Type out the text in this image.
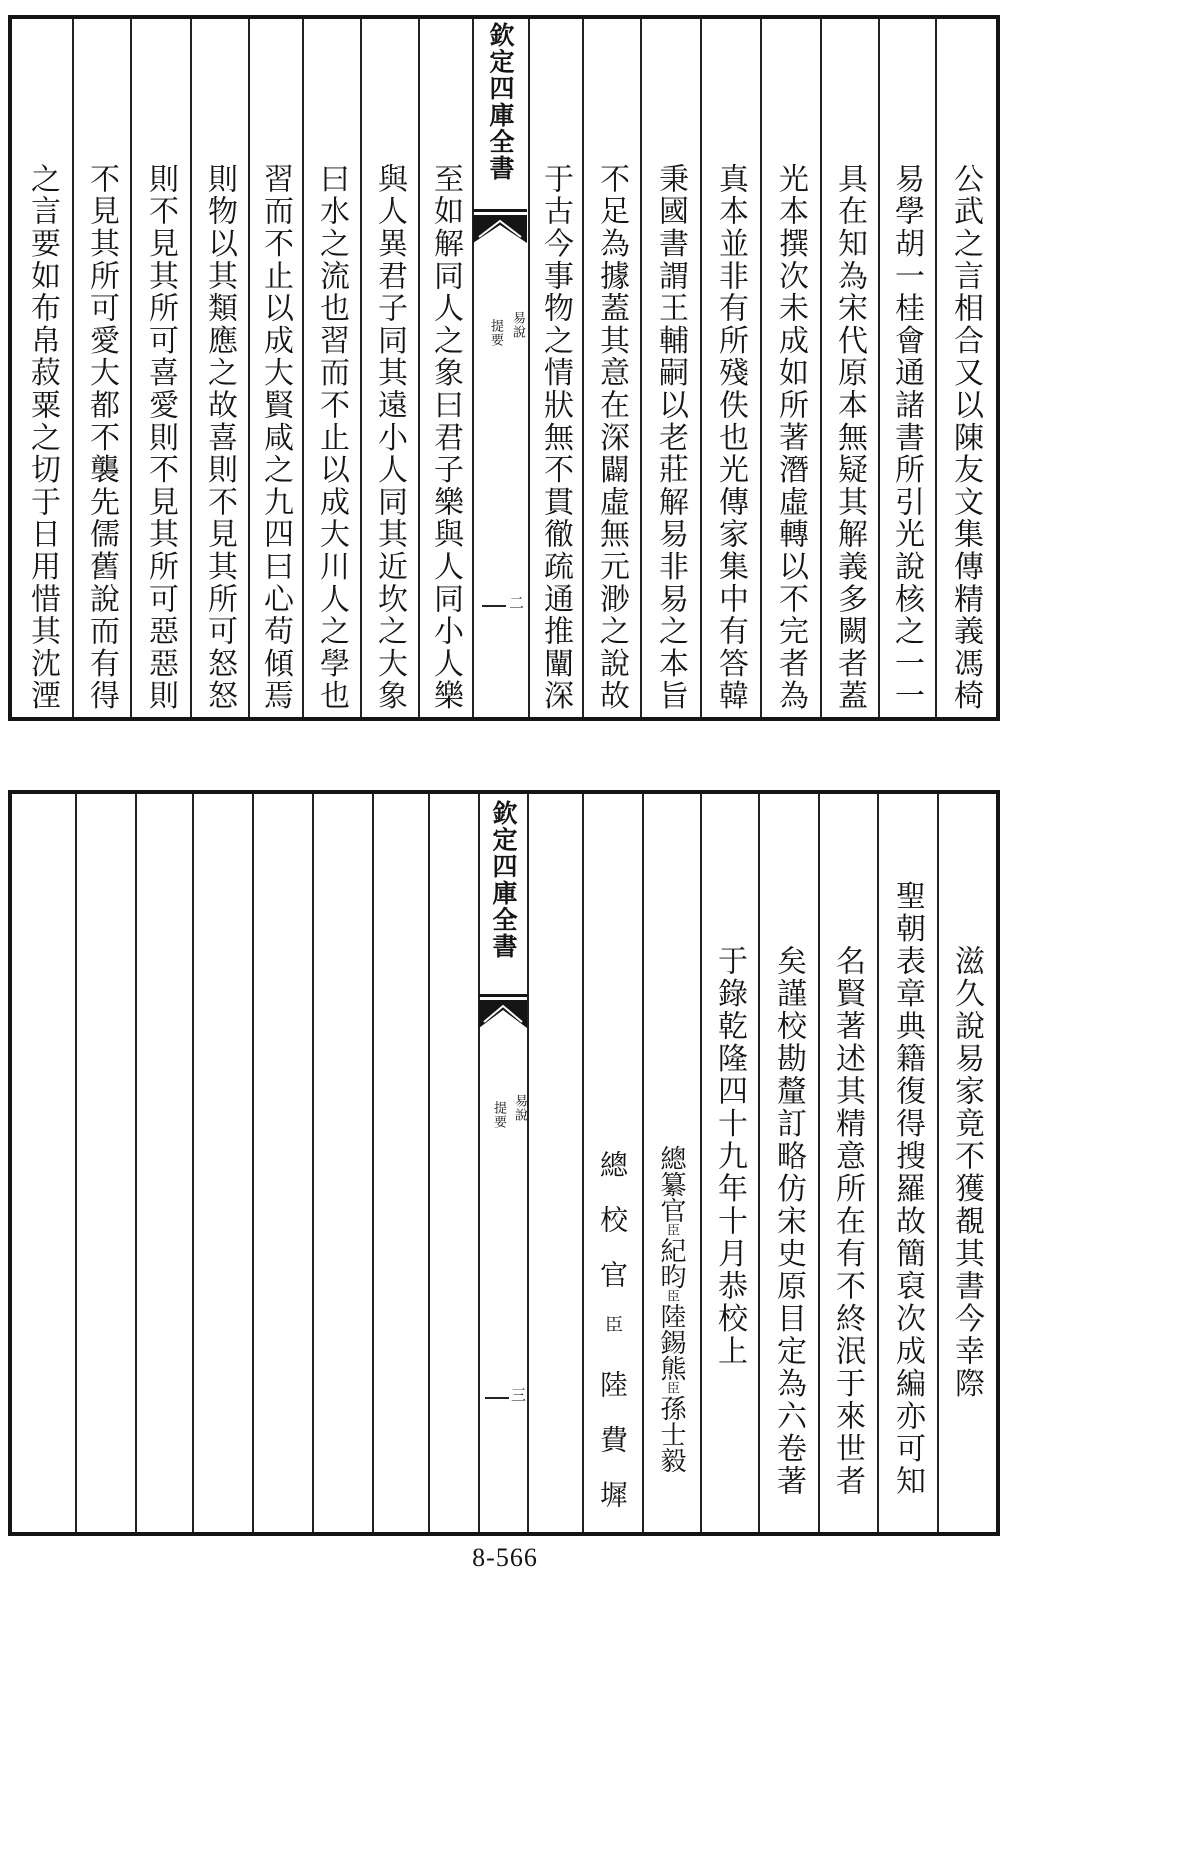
欽定四庫全書
易說
提要
二	公武之言相合又以陳友文集傳精義馮椅
易學胡一桂會通諸書所引光說核之一一
具在知為宋代原本無疑其解義多闕者蓋
光本撰次未成如所著潛虛轉以不完者為
真本並非有所殘佚也光傳家集中有答韓
秉國書謂王輔嗣以老莊解易非易之本旨
不足為據蓋其意在深闢虛無元渺之說故
于古今事物之情狀無不貫徹疏通推闡深
至如解同人之象曰君子樂與人同小人樂
與人異君子同其遠小人同其近坎之大象
曰水之流也習而不止以成大川人之學也
習而不止以成大賢咸之九四曰心苟傾焉
則物以其類應之故喜則不見其所可怒怒
則不見其所可喜愛則不見其所可惡惡則
不見其所可愛大都不襲先儒舊說而有得
之言要如布帛菽粟之切于日用惜其沈湮
欽定四庫全書
易說
提要
三	滋久說易家竟不獲覩其書今幸際
聖朝表章典籍復得搜羅故簡裒次成編亦可知
名賢著述其精意所在有不終泯于來世者
矣謹校勘釐訂略仿宋史原目定為六卷著
于錄乾隆四十九年十月恭校上
總纂官臣紀昀臣陸錫熊臣孫士毅
總校官臣陸費墀
8-566
